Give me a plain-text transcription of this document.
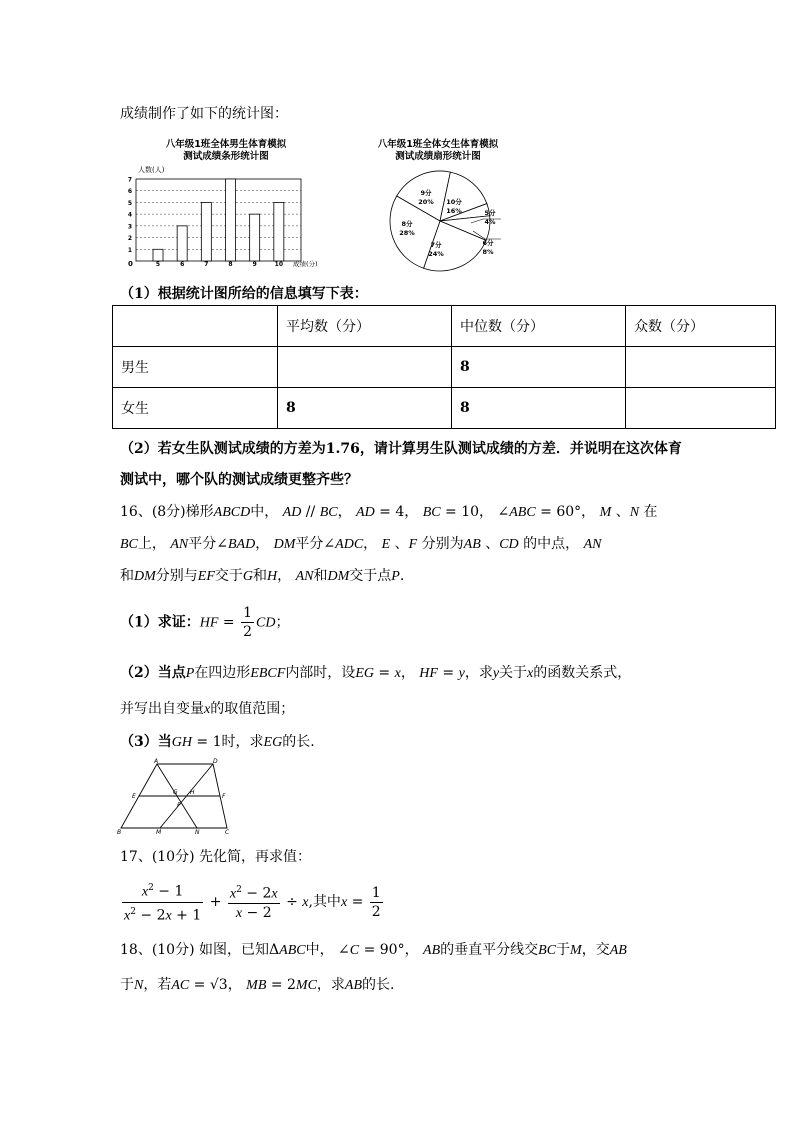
成绩制作了如下的统计图：
八年级1班全体男生体育模拟
测试成绩条形统计图
人数(人)
成绩(分)
0
1
2
3
4
5
6
7
5	6	7	8	9	10
八年级1班全体女生体育模拟
测试成绩扇形统计图
9分
20% 10分
16%	5分
4%
6分
8%
7分
24%
8分
28%
（1）根据统计图所给的信息填写下表：
	平均数（分）	中位数（分）	众数（分）
男生		8	
女生	8	8	
（2）若女生队测试成绩的方差为1.76，请计算男生队测试成绩的方差．并说明在这次体育
测试中，哪个队的测试成绩更整齐些？
16、(8分)梯形ABCD中， AD // BC， AD = 4， BC = 10， ∠ABC = 60°， M 、N 在
BC上， AN平分∠BAD， DM平分∠ADC， E 、F 分别为AB 、CD 的中点， AN
和DM分别与EF交于G和H， AN和DM交于点P.
（1）求证：HF = $\frac{1}{2}$ CD；
（2）当点P在四边形EBCF内部时，设EG = x， HF = y，求y关于x的函数关系式，
并写出自变量x的取值范围；
（3）当GH = 1时，求EG的长.
A	D
E	F
G H
P
B	M	N	C
17、(10分) 先化简，再求值：
$\frac{x^2 - 1}{x^2 - 2x + 1} + \frac{x^2 - 2x}{x - 2} \div x$,其中$x = \frac{1}{2}$
18、(10分) 如图，已知ΔABC中， ∠C = 90°， AB的垂直平分线交BC于M，交AB
于N，若AC = √3， MB = 2MC，求AB的长.
